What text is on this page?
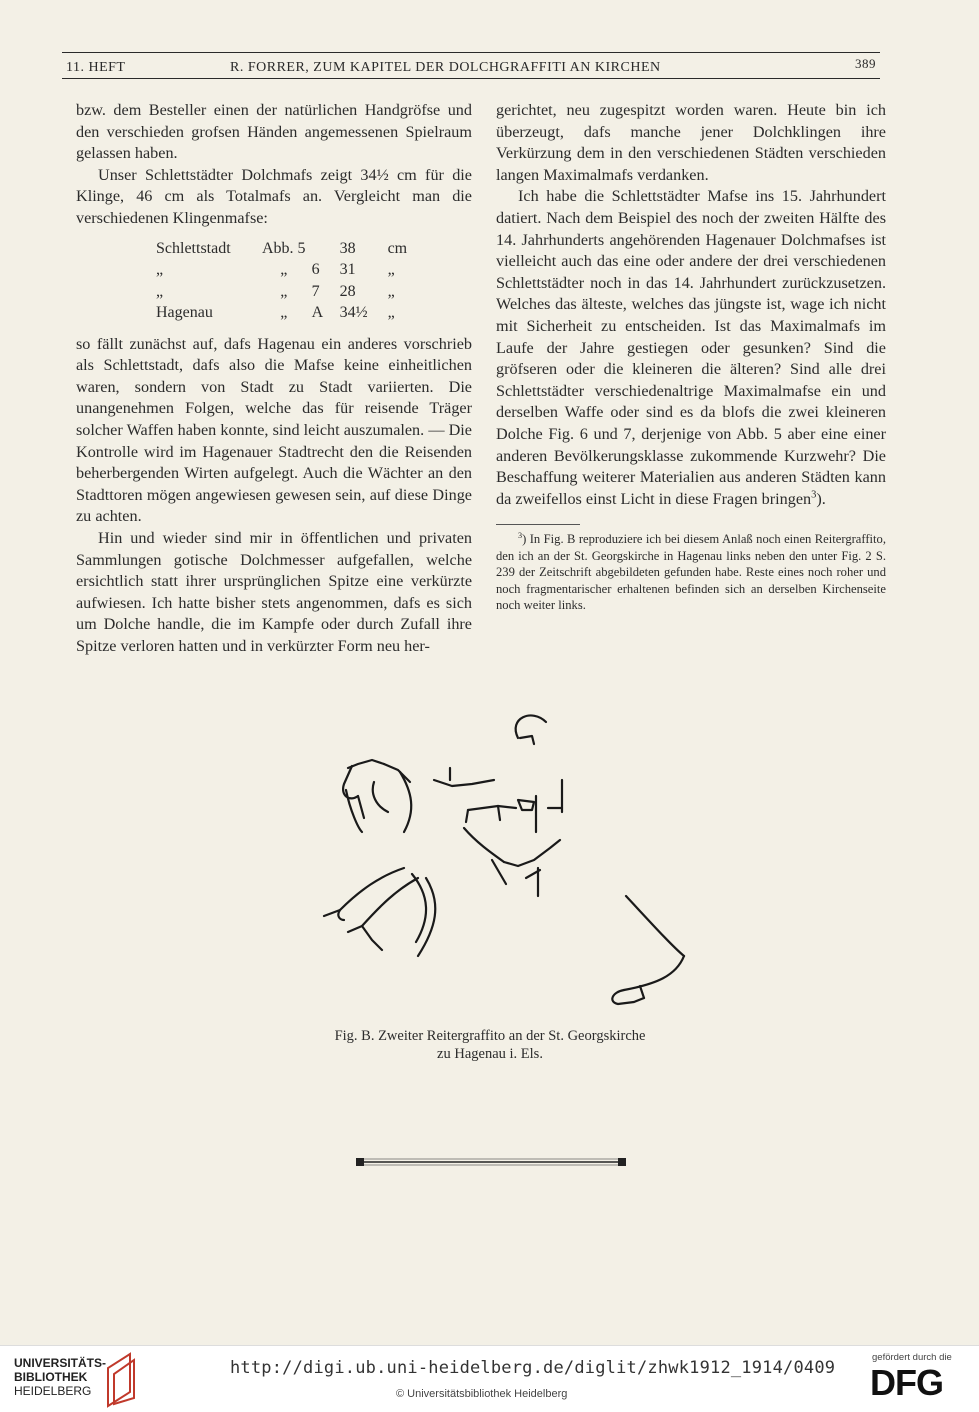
11. HEFT	R. FORRER, ZUM KAPITEL DER DOLCHGRAFFITI AN KIRCHEN	389

bzw. dem Besteller einen der natürlichen Handgröfse und den verschieden grofsen Händen angemessenen Spielraum gelassen haben.

Unser Schlettstädter Dolchmafs zeigt 34½ cm für die Klinge, 46 cm als Totalmafs an. Vergleicht man die verschiedenen Klingenmafse:

Schlettstadt	Abb. 5		38	cm
„	„	6	31	„
„	„	7	28	„
Hagenau	„	A	34½	„

so fällt zunächst auf, dafs Hagenau ein anderes vorschrieb als Schlettstadt, dafs also die Mafse keine einheitlichen waren, sondern von Stadt zu Stadt variierten. Die unangenehmen Folgen, welche das für reisende Träger solcher Waffen haben konnte, sind leicht auszumalen. — Die Kontrolle wird im Hagenauer Stadtrecht den die Reisenden beherbergenden Wirten aufgelegt. Auch die Wächter an den Stadttoren mögen angewiesen gewesen sein, auf diese Dinge zu achten.

Hin und wieder sind mir in öffentlichen und privaten Sammlungen gotische Dolchmesser aufgefallen, welche ersichtlich statt ihrer ursprünglichen Spitze eine verkürzte aufwiesen. Ich hatte bisher stets angenommen, dafs es sich um Dolche handle, die im Kampfe oder durch Zufall ihre Spitze verloren hatten und in verkürzter Form neu her-

gerichtet, neu zugespitzt worden waren. Heute bin ich überzeugt, dafs manche jener Dolchklingen ihre Verkürzung dem in den verschiedenen Städten verschieden langen Maximalmafs verdanken.

Ich habe die Schlettstädter Mafse ins 15. Jahrhundert datiert. Nach dem Beispiel des noch der zweiten Hälfte des 14. Jahrhunderts angehörenden Hagenauer Dolchmafses ist vielleicht auch das eine oder andere der drei verschiedenen Schlettstädter noch in das 14. Jahrhundert zurückzusetzen. Welches das älteste, welches das jüngste ist, wage ich nicht mit Sicherheit zu entscheiden. Ist das Maximalmafs im Laufe der Jahre gestiegen oder gesunken? Sind die gröfseren oder die kleineren die älteren? Sind alle drei Schlettstädter verschiedenaltrige Maximalmafse ein und derselben Waffe oder sind es da blofs die zwei kleineren Dolche Fig. 6 und 7, derjenige von Abb. 5 aber eine einer anderen Bevölkerungsklasse zukommende Kurzwehr? Die Beschaffung weiterer Materialien aus anderen Städten kann da zweifellos einst Licht in diese Fragen bringen$^3$).

$^3$) In Fig. B reproduziere ich bei diesem Anlaß noch einen Reitergraffito, den ich an der St. Georgskirche in Hagenau links neben den unter Fig. 2 S. 239 der Zeitschrift abgebildeten gefunden habe. Reste eines noch roher und noch fragmentarischer erhaltenen befinden sich an derselben Kirchenseite noch weiter links.

Fig. B. Zweiter Reitergraffito an der St. Georgskirche
zu Hagenau i. Els.
UNIVERSITÄTS-
BIBLIOTHEK
HEIDELBERG
http://digi.ub.uni-heidelberg.de/diglit/zhwk1912_1914/0409
© Universitätsbibliothek Heidelberg
gefördert durch die
DFG
